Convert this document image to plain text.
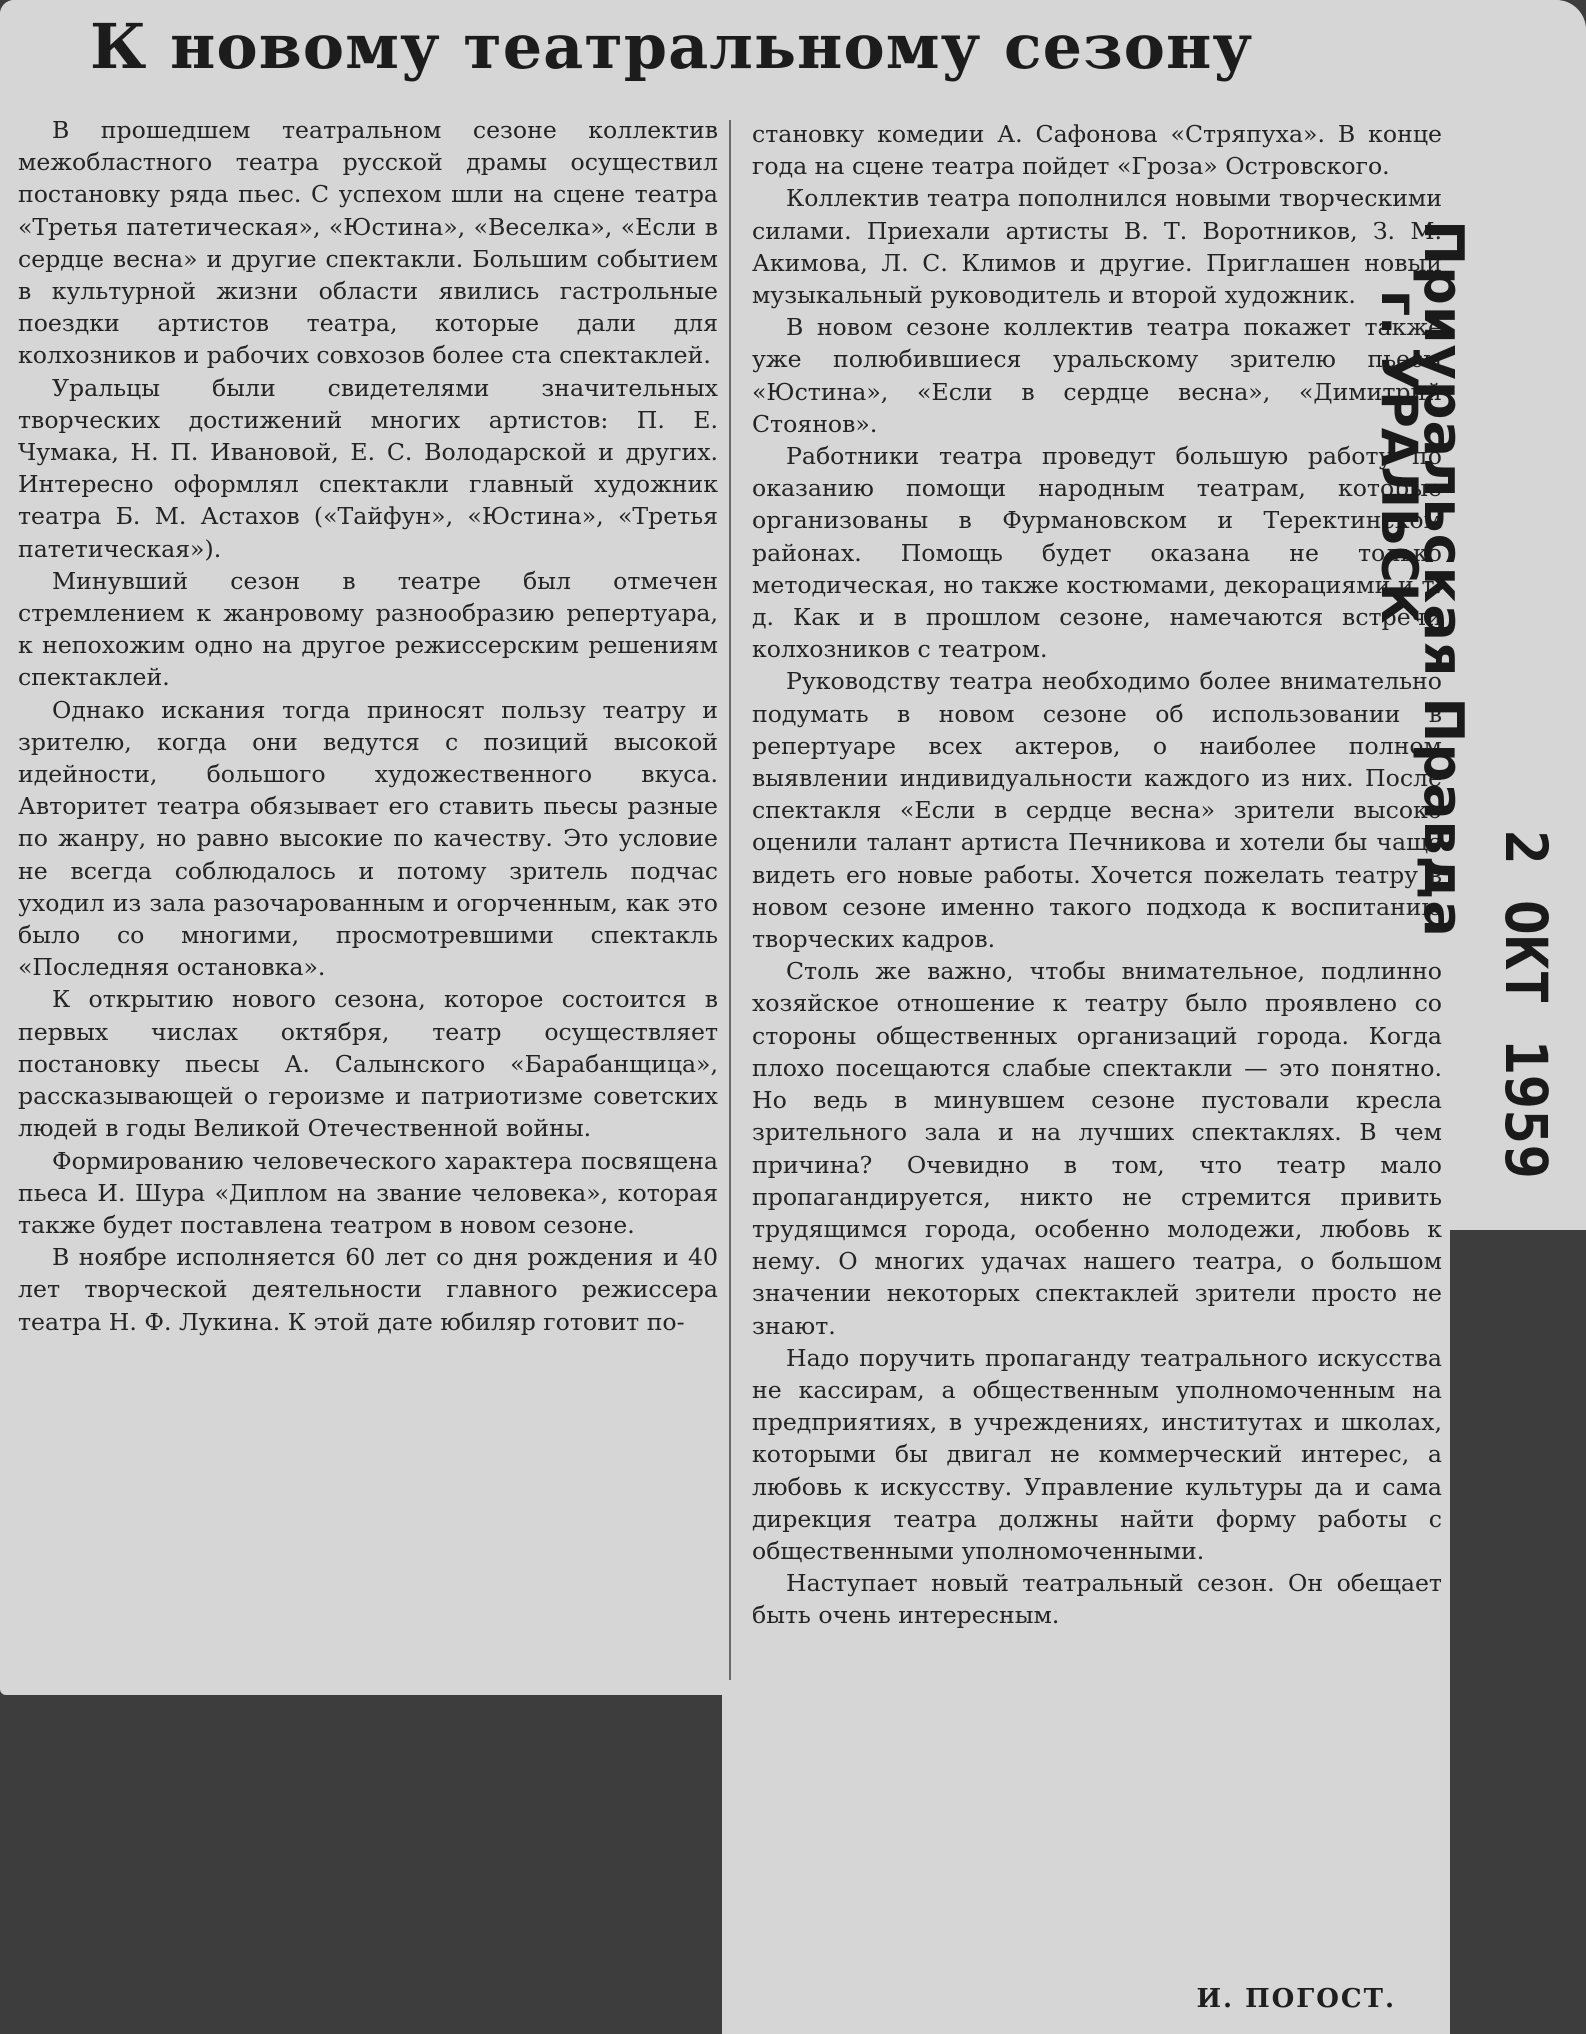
К новому театральному сезону

В прошедшем театральном сезоне коллектив межобластного театра русской драмы осуществил постановку ряда пьес. С успехом шли на сцене театра «Третья патетическая», «Юстина», «Веселка», «Если в сердце весна» и другие спектакли. Большим событием в культурной жизни области явились гастрольные поездки артистов театра, которые дали для колхозников и рабочих совхозов более ста спектаклей.

Уральцы были свидетелями значительных творческих достижений многих артистов: П. Е. Чумака, Н. П. Ивановой, Е. С. Володарской и других. Интересно оформлял спектакли главный художник театра Б. М. Астахов («Тайфун», «Юстина», «Третья патетическая»).

Минувший сезон в театре был отмечен стремлением к жанровому разнообразию репертуара, к непохожим одно на другое режиссерским решениям спектаклей.

Однако искания тогда приносят пользу театру и зрителю, когда они ведутся с позиций высокой идейности, большого художественного вкуса. Авторитет театра обязывает его ставить пьесы разные по жанру, но равно высокие по качеству. Это условие не всегда соблюдалось и потому зритель подчас уходил из зала разочарованным и огорченным, как это было со многими, просмотревшими спектакль «Последняя остановка».

К открытию нового сезона, которое состоится в первых числах октября, театр осуществляет постановку пьесы А. Салынского «Барабанщица», рассказывающей о героизме и патриотизме советских людей в годы Великой Отечественной войны.

Формированию человеческого характера посвящена пьеса И. Шура «Диплом на звание человека», которая также будет поставлена театром в новом сезоне.

В ноябре исполняется 60 лет со дня рождения и 40 лет творческой деятельности главного режиссера театра Н. Ф. Лукина. К этой дате юбиляр готовит по-

становку комедии А. Сафонова «Стряпуха». В конце года на сцене театра пойдет «Гроза» Островского.

Коллектив театра пополнился новыми творческими силами. Приехали артисты В. Т. Воротников, З. М. Акимова, Л. С. Климов и другие. Приглашен новый музыкальный руководитель и второй художник.

В новом сезоне коллектив театра покажет также уже полюбившиеся уральскому зрителю пьесы «Юстина», «Если в сердце весна», «Димитрий Стоянов».

Работники театра проведут большую работу по оказанию помощи народным театрам, которые организованы в Фурмановском и Теректинском районах. Помощь будет оказана не только методическая, но также костюмами, декорациями и т. д. Как и в прошлом сезоне, намечаются встречи колхозников с театром.

Руководству театра необходимо более внимательно подумать в новом сезоне об использовании в репертуаре всех актеров, о наиболее полном выявлении индивидуальности каждого из них. После спектакля «Если в сердце весна» зрители высоко оценили талант артиста Печникова и хотели бы чаще видеть его новые работы. Хочется пожелать театру в новом сезоне именно такого подхода к воспитанию творческих кадров.

Столь же важно, чтобы внимательное, подлинно хозяйское отношение к театру было проявлено со стороны общественных организаций города. Когда плохо посещаются слабые спектакли — это понятно. Но ведь в минувшем сезоне пустовали кресла зрительного зала и на лучших спектаклях. В чем причина? Очевидно в том, что театр мало пропагандируется, никто не стремится привить трудящимся города, особенно молодежи, любовь к нему. О многих удачах нашего театра, о большом значении некоторых спектаклей зрители просто не знают.

Надо поручить пропаганду театрального искусства не кассирам, а общественным уполномоченным на предприятиях, в учреждениях, институтах и школах, которыми бы двигал не коммерческий интерес, а любовь к искусству. Управление культуры да и сама дирекция театра должны найти форму работы с общественными уполномоченными.

Наступает новый театральный сезон. Он обещает быть очень интересным.

И. ПОГОСТ.
Приуральская Правда
г. УРАЛЬСК
2 ОКТ 1959
